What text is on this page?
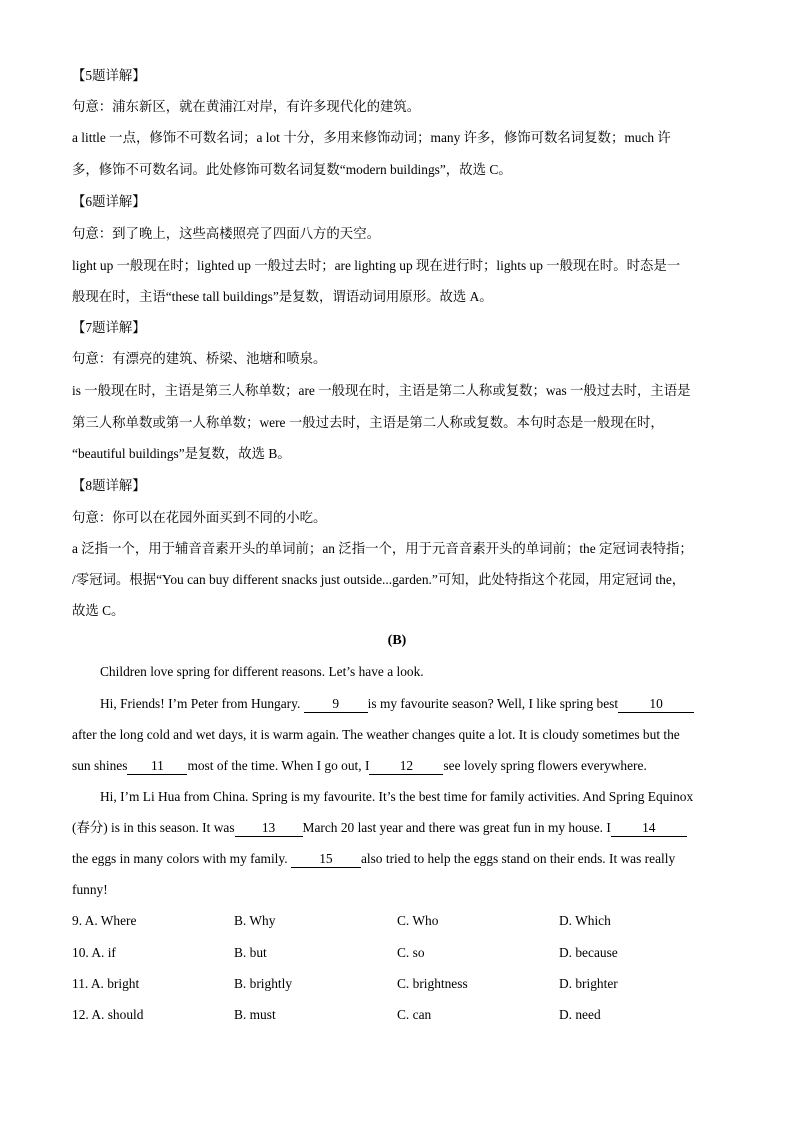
【5题详解】
句意：浦东新区，就在黄浦江对岸，有许多现代化的建筑。
a little 一点，修饰不可数名词；a lot 十分，多用来修饰动词；many 许多，修饰可数名词复数；much 许
多，修饰不可数名词。此处修饰可数名词复数“modern buildings”，故选 C。
【6题详解】
句意：到了晚上，这些高楼照亮了四面八方的天空。
light up 一般现在时；lighted up 一般过去时；are lighting up 现在进行时；lights up 一般现在时。时态是一
般现在时，主语“these tall buildings”是复数，谓语动词用原形。故选 A。
【7题详解】
句意：有漂亮的建筑、桥梁、池塘和喷泉。
is 一般现在时，主语是第三人称单数；are 一般现在时，主语是第二人称或复数；was 一般过去时，主语是
第三人称单数或第一人称单数；were 一般过去时，主语是第二人称或复数。本句时态是一般现在时，
“beautiful buildings”是复数，故选 B。
【8题详解】
句意：你可以在花园外面买到不同的小吃。
a 泛指一个，用于辅音音素开头的单词前；an 泛指一个，用于元音音素开头的单词前；the 定冠词表特指；
/零冠词。根据“You can buy different snacks just outside...garden.”可知，此处特指这个花园，用定冠词 the，
故选 C。
(B)
Children love spring for different reasons. Let’s have a look.
Hi, Friends! I’m Peter from Hungary. 9 is my favourite season? Well, I like spring best 10
after the long cold and wet days, it is warm again. The weather changes quite a lot. It is cloudy sometimes but the
sun shines 11 most of the time. When I go out, I 12 see lovely spring flowers everywhere.
Hi, I’m Li Hua from China. Spring is my favourite. It’s the best time for family activities. And Spring Equinox
(春分) is in this season. It was 13 March 20 last year and there was great fun in my house. I 14
the eggs in many colors with my family. 15 also tried to help the eggs stand on their ends. It was really
funny!
9. A. Where	B. Why	C. Who	D. Which
10. A. if	B. but	C. so	D. because
11. A. bright	B. brightly	C. brightness	D. brighter
12. A. should	B. must	C. can	D. need
